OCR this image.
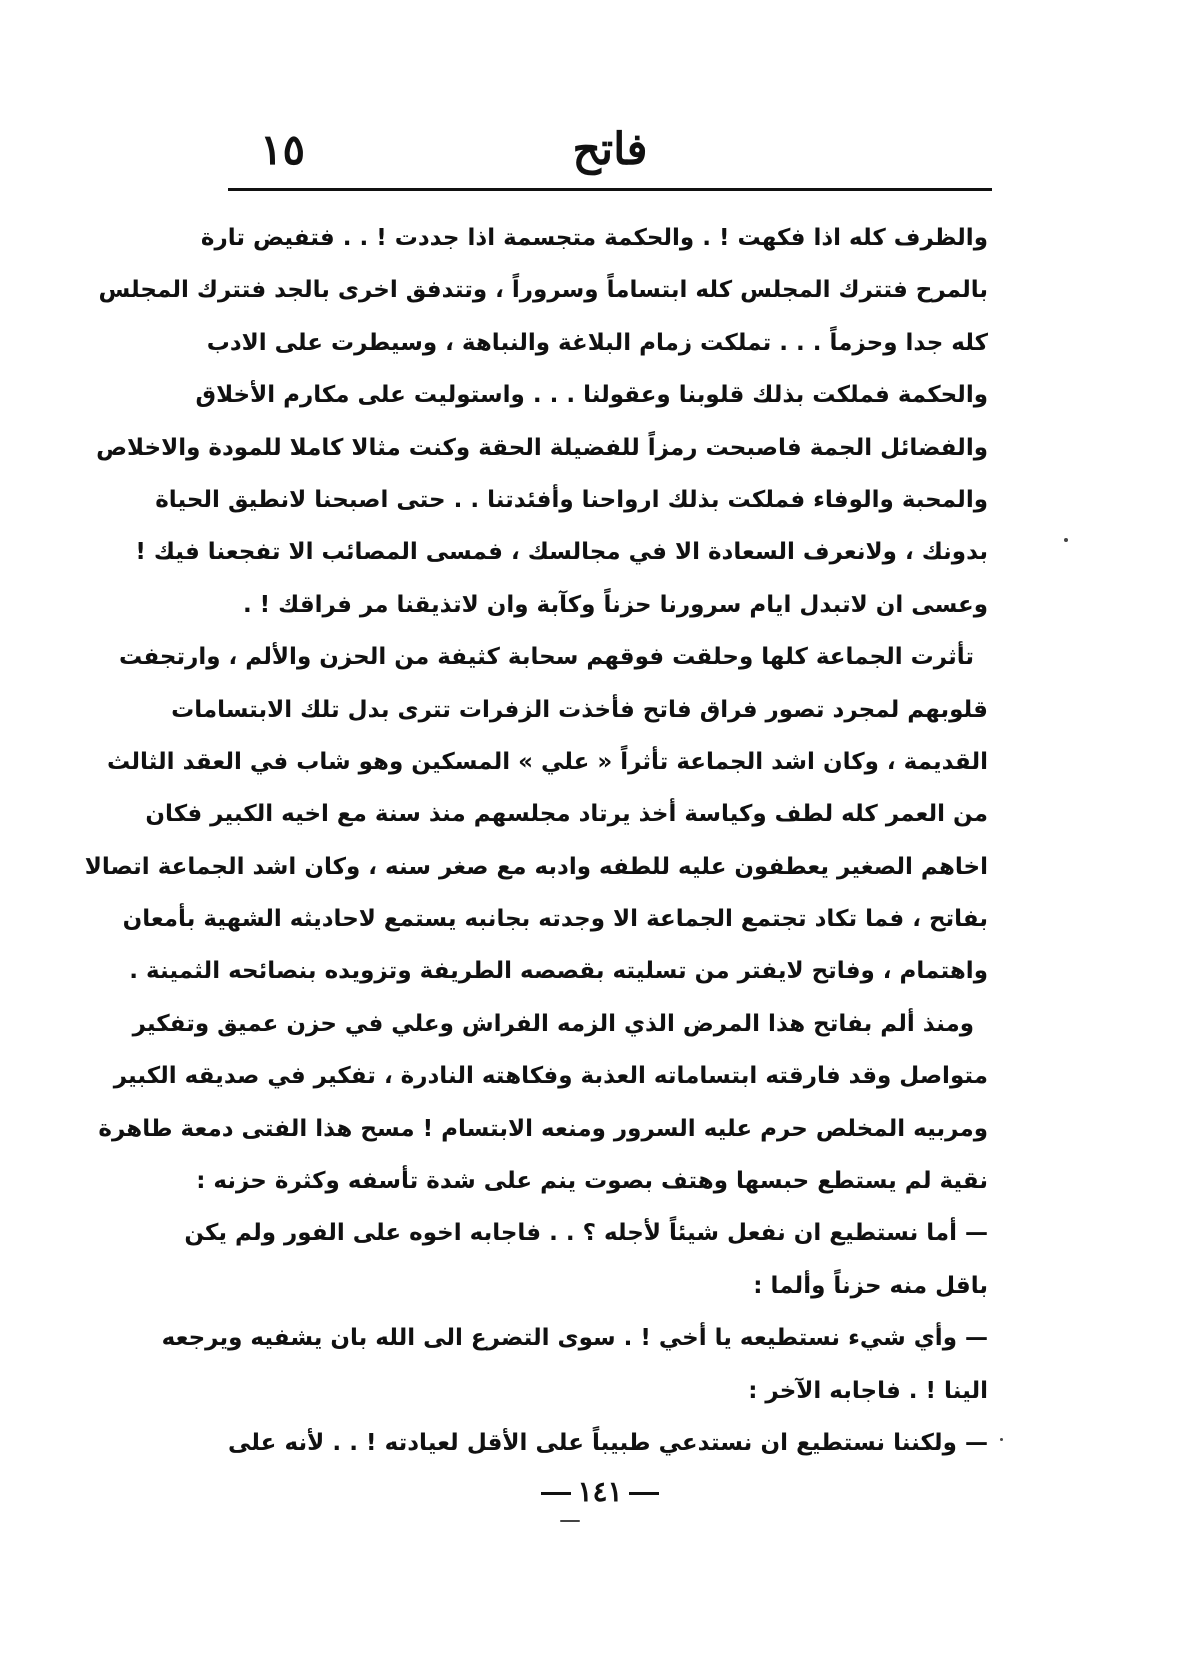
فاتح
١٥
والظرف كله اذا فكهت ! . والحكمة متجسمة اذا جددت ! . . فتفيض تارة
بالمرح فتترك المجلس كله ابتساماً وسروراً ، وتتدفق اخرى بالجد فتترك المجلس
كله جدا وحزماً . . . تملكت زمام البلاغة والنباهة ، وسيطرت على الادب
والحكمة فملكت بذلك قلوبنا وعقولنا . . . واستوليت على مكارم الأخلاق
والفضائل الجمة فاصبحت رمزاً للفضيلة الحقة وكنت مثالا كاملا للمودة والاخلاص
والمحبة والوفاء فملكت بذلك ارواحنا وأفئدتنا . . حتى اصبحنا لانطيق الحياة
بدونك ، ولانعرف السعادة الا في مجالسك ، فمسى المصائب الا تفجعنا فيك !
وعسى ان لاتبدل ايام سرورنا حزناً وكآبة وان لاتذيقنا مر فراقك ! .
تأثرت الجماعة كلها وحلقت فوقهم سحابة كثيفة من الحزن والألم ، وارتجفت
قلوبهم لمجرد تصور فراق فاتح فأخذت الزفرات تترى بدل تلك الابتسامات
القديمة ، وكان اشد الجماعة تأثراً « علي » المسكين وهو شاب في العقد الثالث
من العمر كله لطف وكياسة أخذ يرتاد مجلسهم منذ سنة مع اخيه الكبير فكان
اخاهم الصغير يعطفون عليه للطفه وادبه مع صغر سنه ، وكان اشد الجماعة اتصالا
بفاتح ، فما تكاد تجتمع الجماعة الا وجدته بجانبه يستمع لاحاديثه الشهية بأمعان
واهتمام ، وفاتح لايفتر من تسليته بقصصه الطريفة وتزويده بنصائحه الثمينة .
ومنذ ألم بفاتح هذا المرض الذي الزمه الفراش وعلي في حزن عميق وتفكير
متواصل وقد فارقته ابتساماته العذبة وفكاهته النادرة ، تفكير في صديقه الكبير
ومربيه المخلص حرم عليه السرور ومنعه الابتسام ! مسح هذا الفتى دمعة طاهرة
نقية لم يستطع حبسها وهتف بصوت ينم على شدة تأسفه وكثرة حزنه :
— أما نستطيع ان نفعل شيئاً لأجله ؟ . . فاجابه اخوه على الفور ولم يكن
باقل منه حزناً وألما :
— وأي شيء نستطيعه يا أخي ! . سوى التضرع الى الله بان يشفيه ويرجعه
الينا ! . فاجابه الآخر :
— ولكننا نستطيع ان نستدعي طبيباً على الأقل لعيادته ! . . لأنه على
١٤١
